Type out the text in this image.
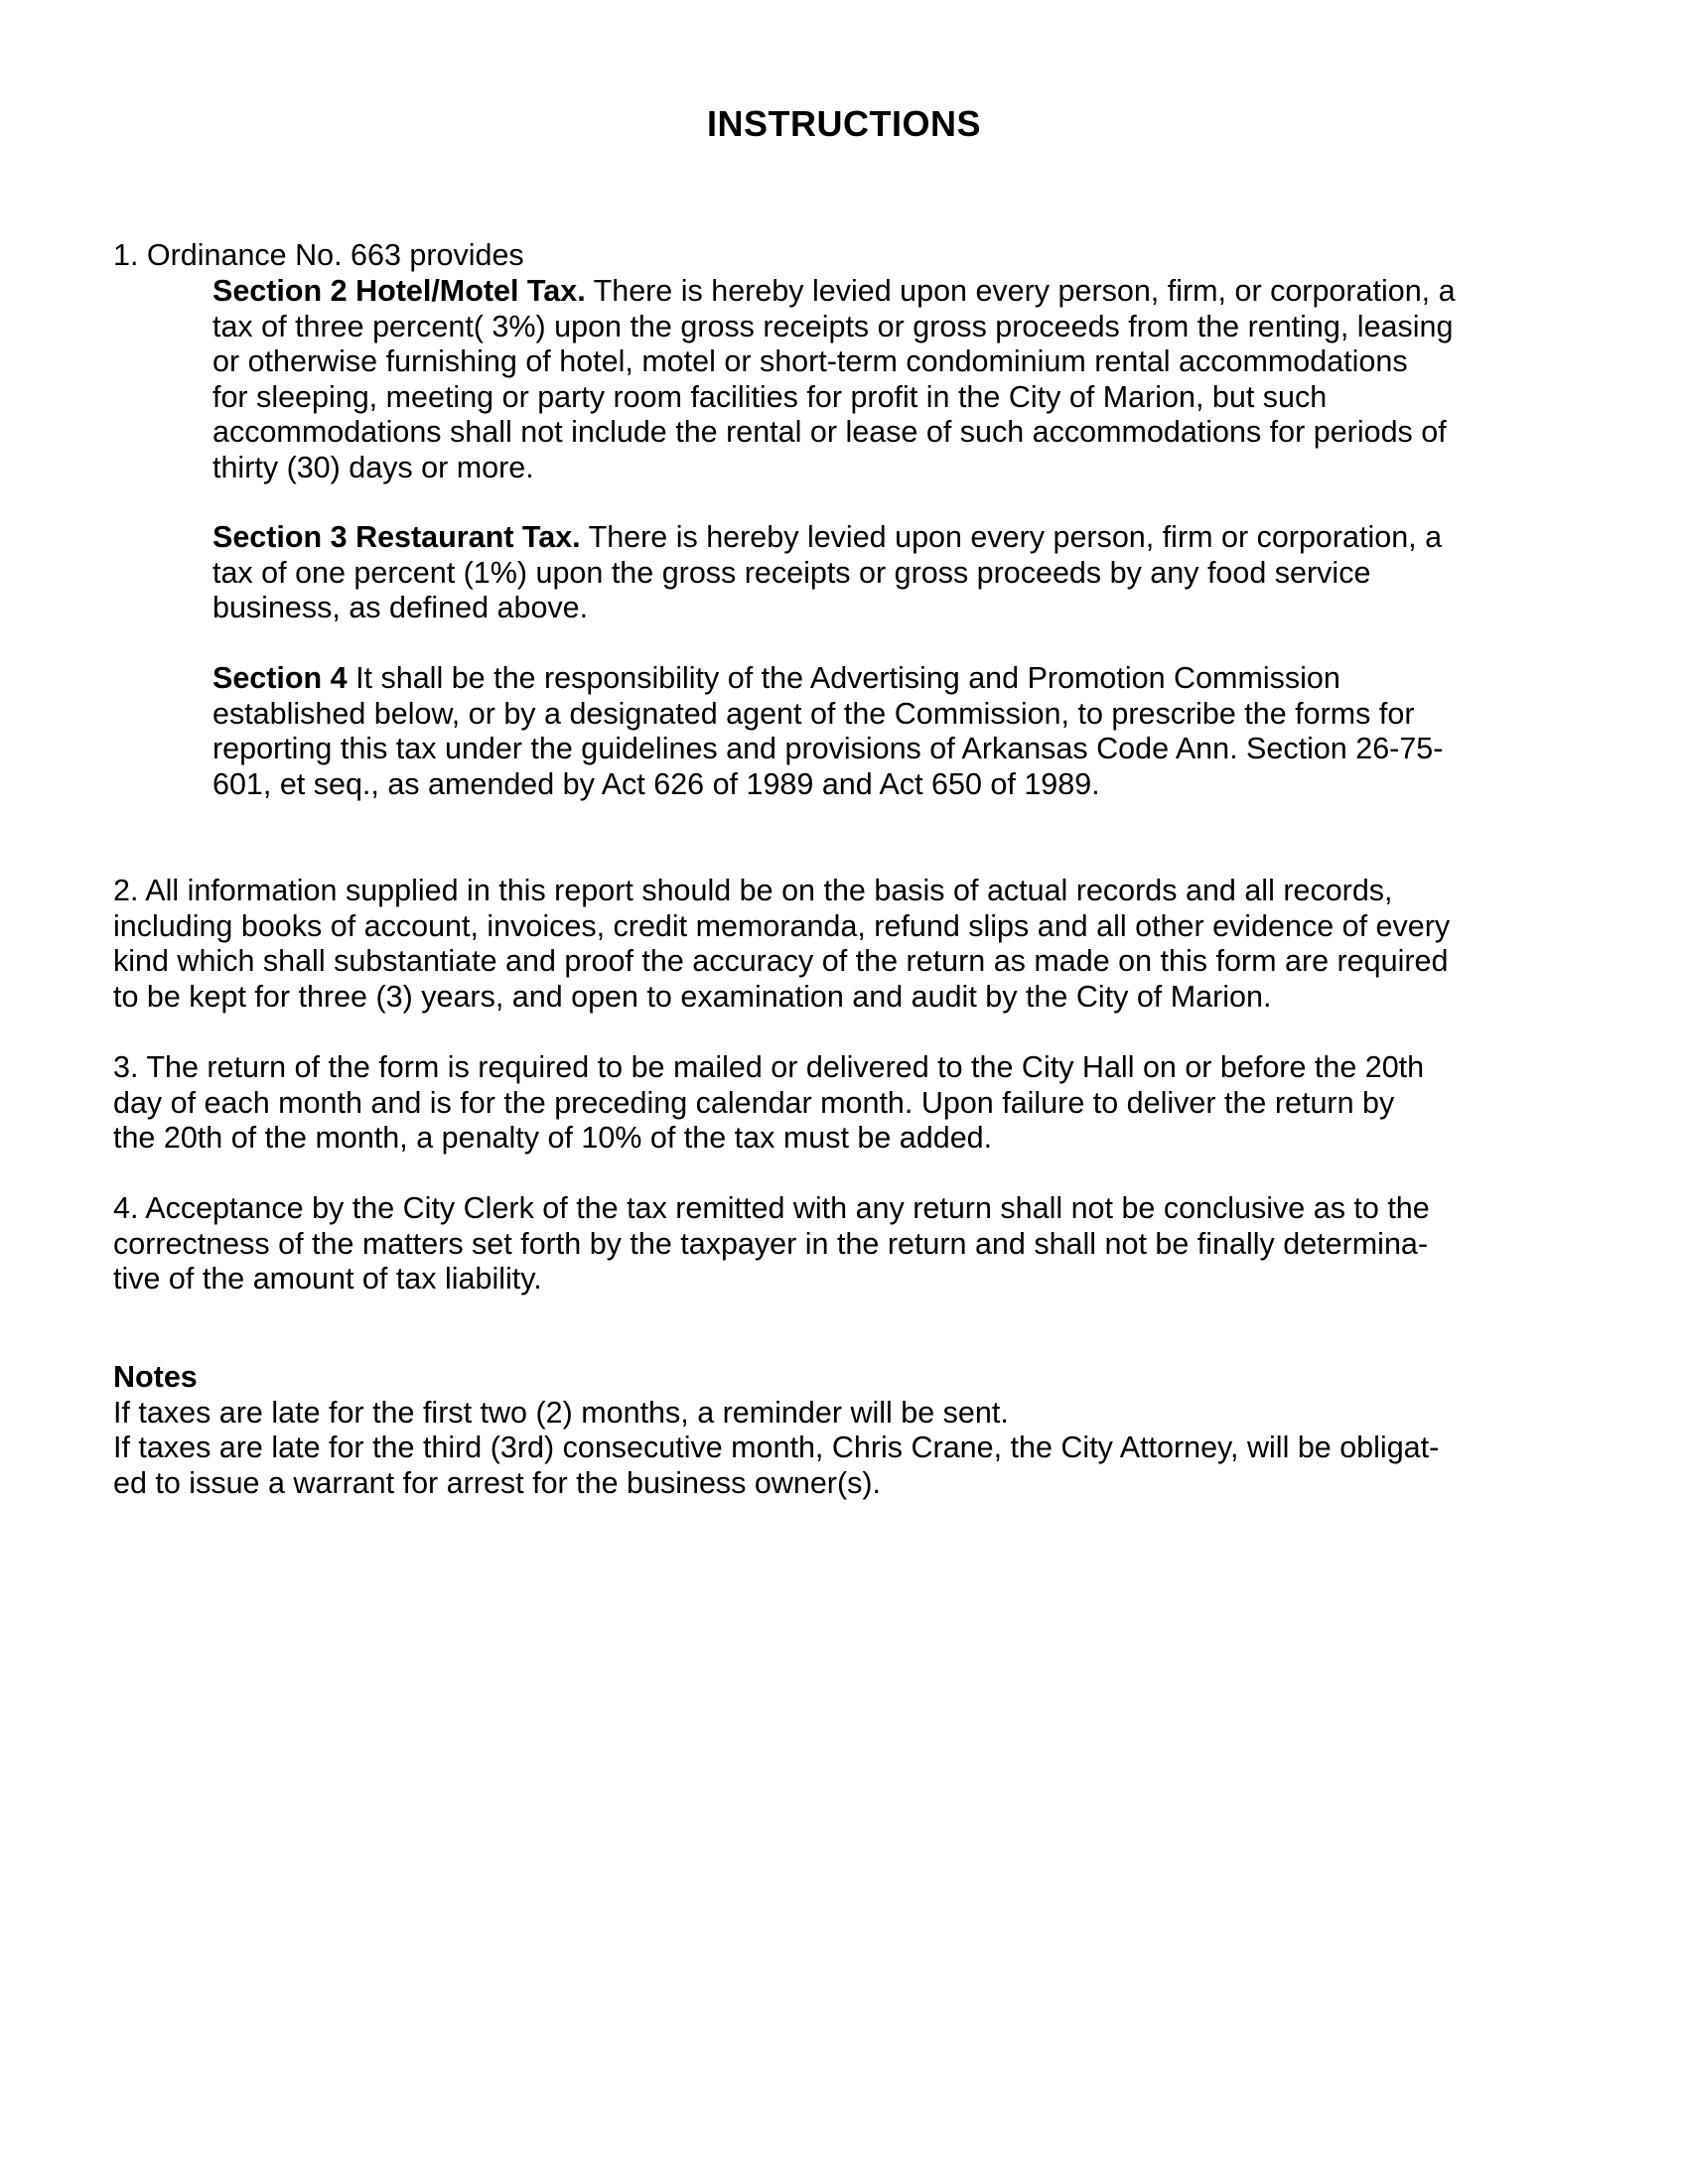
INSTRUCTIONS
1. Ordinance No. 663 provides
Section 2 Hotel/Motel Tax. There is hereby levied upon every person, firm, or corporation, a
tax of three percent( 3%) upon the gross receipts or gross proceeds from the renting, leasing
or otherwise furnishing of hotel, motel or short-term condominium rental accommodations
for sleeping, meeting or party room facilities for profit in the City of Marion, but such
accommodations shall not include the rental or lease of such accommodations for periods of
thirty (30) days or more.
Section 3 Restaurant Tax. There is hereby levied upon every person, firm or corporation, a
tax of one percent (1%) upon the gross receipts or gross proceeds by any food service
business, as defined above.
Section 4 It shall be the responsibility of the Advertising and Promotion Commission
established below, or by a designated agent of the Commission, to prescribe the forms for
reporting this tax under the guidelines and provisions of Arkansas Code Ann. Section 26-75-
601, et seq., as amended by Act 626 of 1989 and Act 650 of 1989.
2. All information supplied in this report should be on the basis of actual records and all records,
including books of account, invoices, credit memoranda, refund slips and all other evidence of every
kind which shall substantiate and proof the accuracy of the return as made on this form are required
to be kept for three (3) years, and open to examination and audit by the City of Marion.
3. The return of the form is required to be mailed or delivered to the City Hall on or before the 20th
day of each month and is for the preceding calendar month. Upon failure to deliver the return by
the 20th of the month, a penalty of 10% of the tax must be added.
4. Acceptance by the City Clerk of the tax remitted with any return shall not be conclusive as to the
correctness of the matters set forth by the taxpayer in the return and shall not be finally determina-
tive of the amount of tax liability.
Notes
If taxes are late for the first two (2) months, a reminder will be sent.
If taxes are late for the third (3rd) consecutive month, Chris Crane, the City Attorney, will be obligat-
ed to issue a warrant for arrest for the business owner(s).
